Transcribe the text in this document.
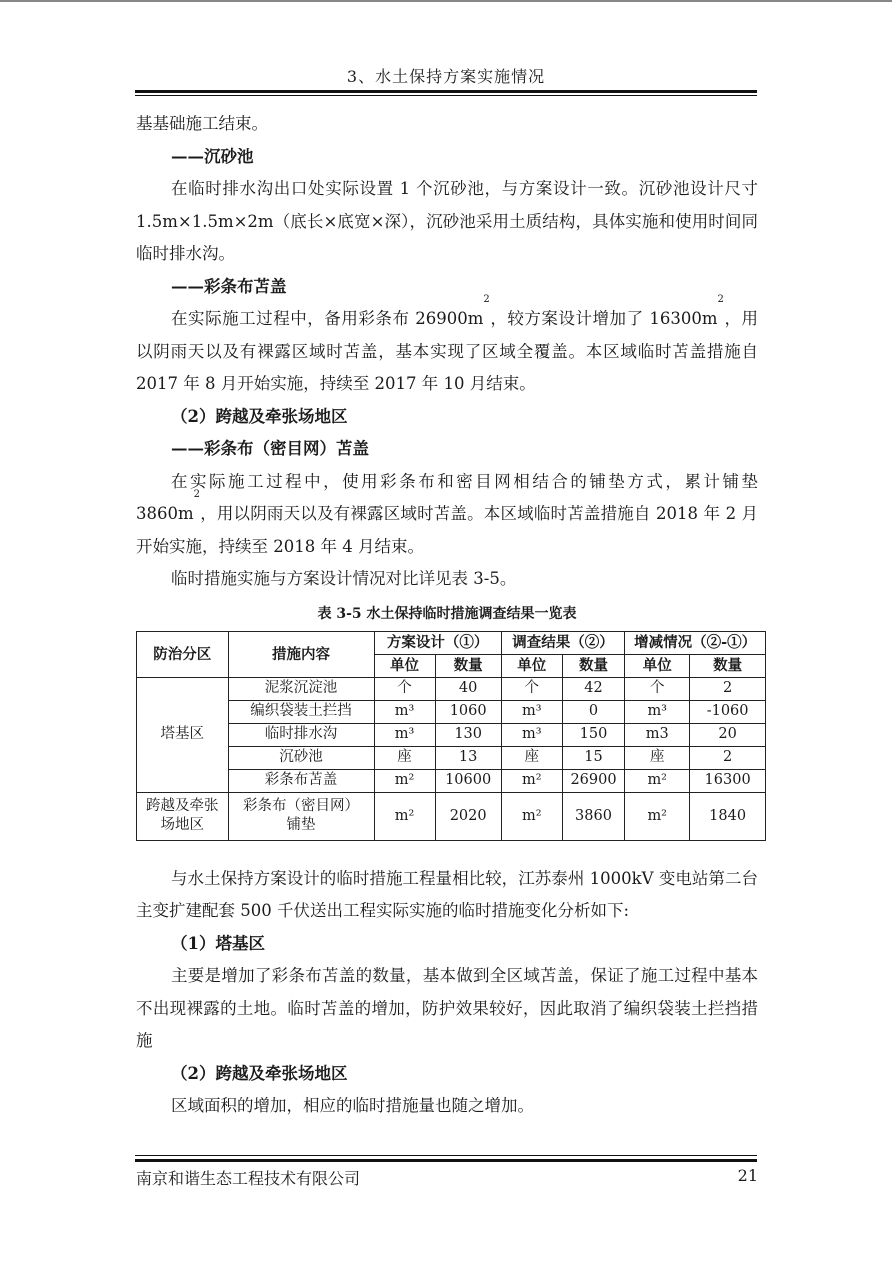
3、水土保持方案实施情况

基基础施工结束。

——沉砂池

在临时排水沟出口处实际设置 1 个沉砂池，与方案设计一致。沉砂池设计尺寸 1.5m×1.5m×2m（底长×底宽×深），沉砂池采用土质结构，具体实施和使用时间同临时排水沟。

——彩条布苫盖

在实际施工过程中，备用彩条布 $26900m^2$，较方案设计增加了 $16300m^2$，用以阴雨天以及有裸露区域时苫盖，基本实现了区域全覆盖。本区域临时苫盖措施自 2017 年 8 月开始实施，持续至 2017 年 10 月结束。

（2）跨越及牵张场地区

——彩条布（密目网）苫盖

在实际施工过程中，使用彩条布和密目网相结合的铺垫方式，累计铺垫 $3860m^2$，用以阴雨天以及有裸露区域时苫盖。本区域临时苫盖措施自 2018 年 2 月开始实施，持续至 2018 年 4 月结束。

临时措施实施与方案设计情况对比详见表 3-5。

表 3-5 水土保持临时措施调查结果一览表
防治分区	措施内容	方案设计（①）		调查结果（②）		增减情况（②-①）	
		单位	数量	单位	数量	单位	数量
塔基区	泥浆沉淀池	个	40	个	42	个	2
	编织袋装土拦挡	m³	1060	m³	0	m³	-1060
	临时排水沟	m³	130	m³	150	m3	20
	沉砂池	座	13	座	15	座	2
	彩条布苫盖	m²	10600	m²	26900	m²	16300
跨越及牵张场地区	彩条布（密目网）铺垫	m²	2020	m²	3860	m²	1840

与水土保持方案设计的临时措施工程量相比较，江苏泰州 1000kV 变电站第二台主变扩建配套 500 千伏送出工程实际实施的临时措施变化分析如下:

（1）塔基区

主要是增加了彩条布苫盖的数量，基本做到全区域苫盖，保证了施工过程中基本不出现裸露的土地。临时苫盖的增加，防护效果较好，因此取消了编织袋装土拦挡措施

（2）跨越及牵张场地区

区域面积的增加，相应的临时措施量也随之增加。

南京和谐生态工程技术有限公司	21
